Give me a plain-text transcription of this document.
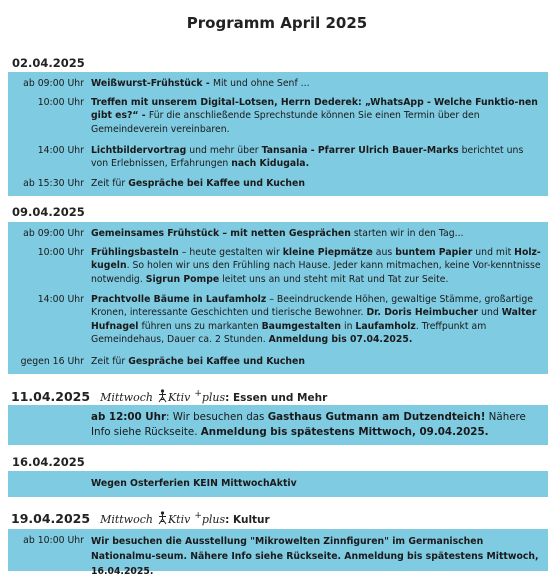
Programm April 2025
02.04.2025
ab 09:00 Uhr Weißwurst-Frühstück - Mit und ohne Senf ...
10:00 Uhr Treffen mit unserem Digital-Lotsen, Herrn Dederek: „WhatsApp - Welche Funktio-nen gibt es?“ - Für die anschließende Sprechstunde können Sie einen Termin über den Gemeindeverein vereinbaren.
14:00 Uhr Lichtbildervortrag und mehr über Tansania - Pfarrer Ulrich Bauer-Marks berichtet uns von Erlebnissen, Erfahrungen nach Kidugala.
ab 15:30 Uhr Zeit für Gespräche bei Kaffee und Kuchen
09.04.2025
ab 09:00 Uhr Gemeinsames Frühstück – mit netten Gesprächen starten wir in den Tag...
10:00 Uhr Frühlingsbasteln – heute gestalten wir kleine Piepmätze aus buntem Papier und mit Holz-kugeln. So holen wir uns den Frühling nach Hause. Jeder kann mitmachen, keine Vor-kenntnisse notwendig. Sigrun Pompe leitet uns an und steht mit Rat und Tat zur Seite.
14:00 Uhr Prachtvolle Bäume in Laufamholz – Beeindruckende Höhen, gewaltige Stämme, großartige Kronen, interessante Geschichten und tierische Bewohner. Dr. Doris Heimbucher und Walter Hufnagel führen uns zu markanten Baumgestalten in Laufamholz. Treffpunkt am Gemeindehaus, Dauer ca. 2 Stunden. Anmeldung bis 07.04.2025.
gegen 16 Uhr Zeit für Gespräche bei Kaffee und Kuchen
11.04.2025 Mittwoch Ktiv +plus: Essen und Mehr
ab 12:00 Uhr: Wir besuchen das Gasthaus Gutmann am Dutzendteich! Nähere Info siehe Rückseite. Anmeldung bis spätestens Mittwoch, 09.04.2025.
16.04.2025
Wegen Osterferien KEIN MittwochAktiv
19.04.2025 Mittwoch Ktiv +plus: Kultur
ab 10:00 Uhr Wir besuchen die Ausstellung "Mikrowelten Zinnfiguren" im Germanischen Nationalmu-seum. Nähere Info siehe Rückseite. Anmeldung bis spätestens Mittwoch, 16.04.2025.
